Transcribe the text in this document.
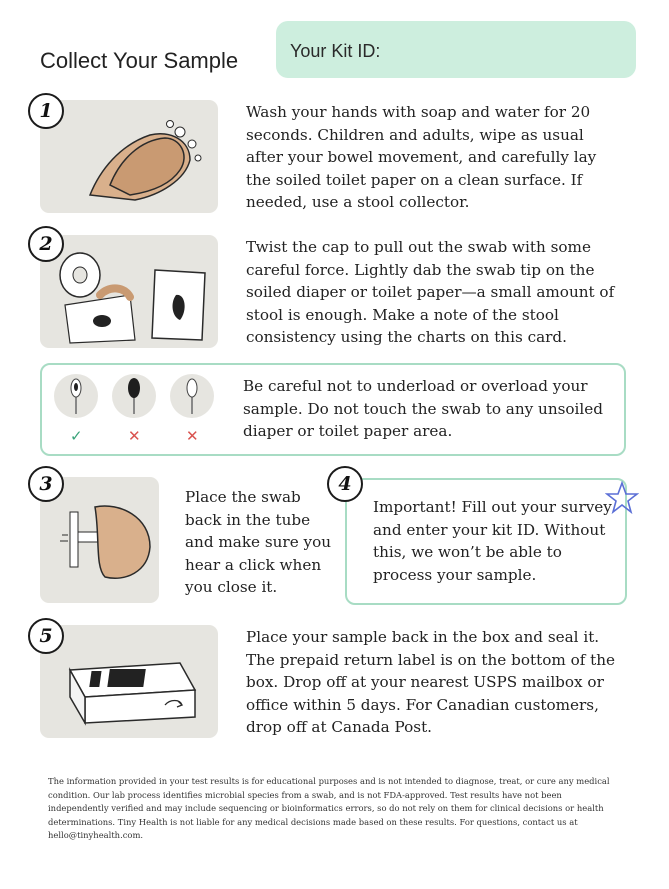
Collect Your Sample	Your Kit ID:
1	Wash your hands with soap and water for 20 seconds. Children and adults, wipe as usual after your bowel movement, and carefully lay the soiled toilet paper on a clean surface. If needed, use a stool collector.
2	Twist the cap to pull out the swab with some careful force. Lightly dab the swab tip on the soiled diaper or toilet paper—a small amount of stool is enough. Make a note of the stool consistency using the charts on this card.
✓	✕	✕
Be careful not to underload or overload your sample. Do not touch the swab to any unsoiled diaper or toilet paper area.
3
Place the swab back in the tube and make sure you hear a click when you close it.
Important! Fill out your survey and enter your kit ID. Without this, we won’t be able to process your sample.
4
5	Place your sample back in the box and seal it. The prepaid return label is on the bottom of the box. Drop off at your nearest USPS mailbox or office within 5 days. For Canadian customers, drop off at Canada Post.
The information provided in your test results is for educational purposes and is not intended to diagnose, treat, or cure any medical condition. Our lab process identifies microbial species from a swab, and is not FDA-approved. Test results have not been independently verified and may include sequencing or bioinformatics errors, so do not rely on them for clinical decisions or health determinations. Tiny Health is not liable for any medical decisions made based on these results. For questions, contact us at hello@tinyhealth.com.
